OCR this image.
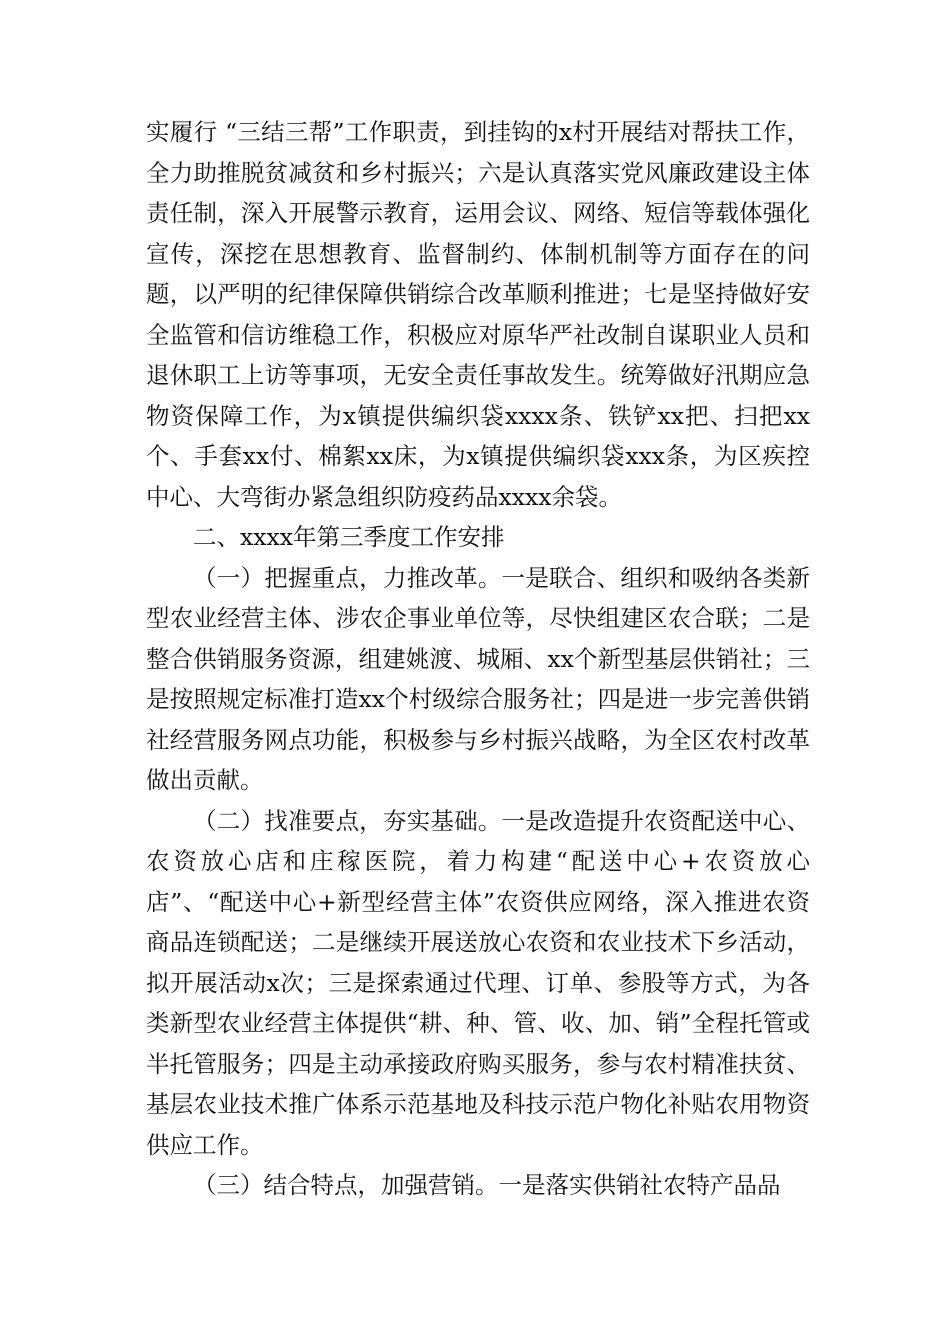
实履行 “三结三帮”工作职责，到挂钩的x村开展结对帮扶工作，全力助推脱贫减贫和乡村振兴；六是认真落实党风廉政建设主体责任制，深入开展警示教育，运用会议、网络、短信等载体强化宣传，深挖在思想教育、监督制约、体制机制等方面存在的问题，以严明的纪律保障供销综合改革顺利推进；七是坚持做好安全监管和信访维稳工作，积极应对原华严社改制自谋职业人员和退休职工上访等事项，无安全责任事故发生。统筹做好汛期应急物资保障工作，为x镇提供编织袋xxxx条、铁铲xx把、扫把xx个、手套xx付、棉絮xx床，为x镇提供编织袋xxx条，为区疾控中心、大弯街办紧急组织防疫药品xxxx余袋。

二、xxxx年第三季度工作安排

（一）把握重点，力推改革。一是联合、组织和吸纳各类新型农业经营主体、涉农企事业单位等，尽快组建区农合联；二是整合供销服务资源，组建姚渡、城厢、xx个新型基层供销社；三是按照规定标准打造xx个村级综合服务社；四是进一步完善供销社经营服务网点功能，积极参与乡村振兴战略，为全区农村改革做出贡献。

（二）找准要点，夯实基础。一是改造提升农资配送中心、农资放心店和庄稼医院，着力构建“配送中心+农资放心店”、“配送中心+新型经营主体”农资供应网络，深入推进农资商品连锁配送；二是继续开展送放心农资和农业技术下乡活动，拟开展活动x次；三是探索通过代理、订单、参股等方式，为各类新型农业经营主体提供“耕、种、管、收、加、销”全程托管或半托管服务；四是主动承接政府购买服务，参与农村精准扶贫、基层农业技术推广体系示范基地及科技示范户物化补贴农用物资供应工作。

（三）结合特点，加强营销。一是落实供销社农特产品品
